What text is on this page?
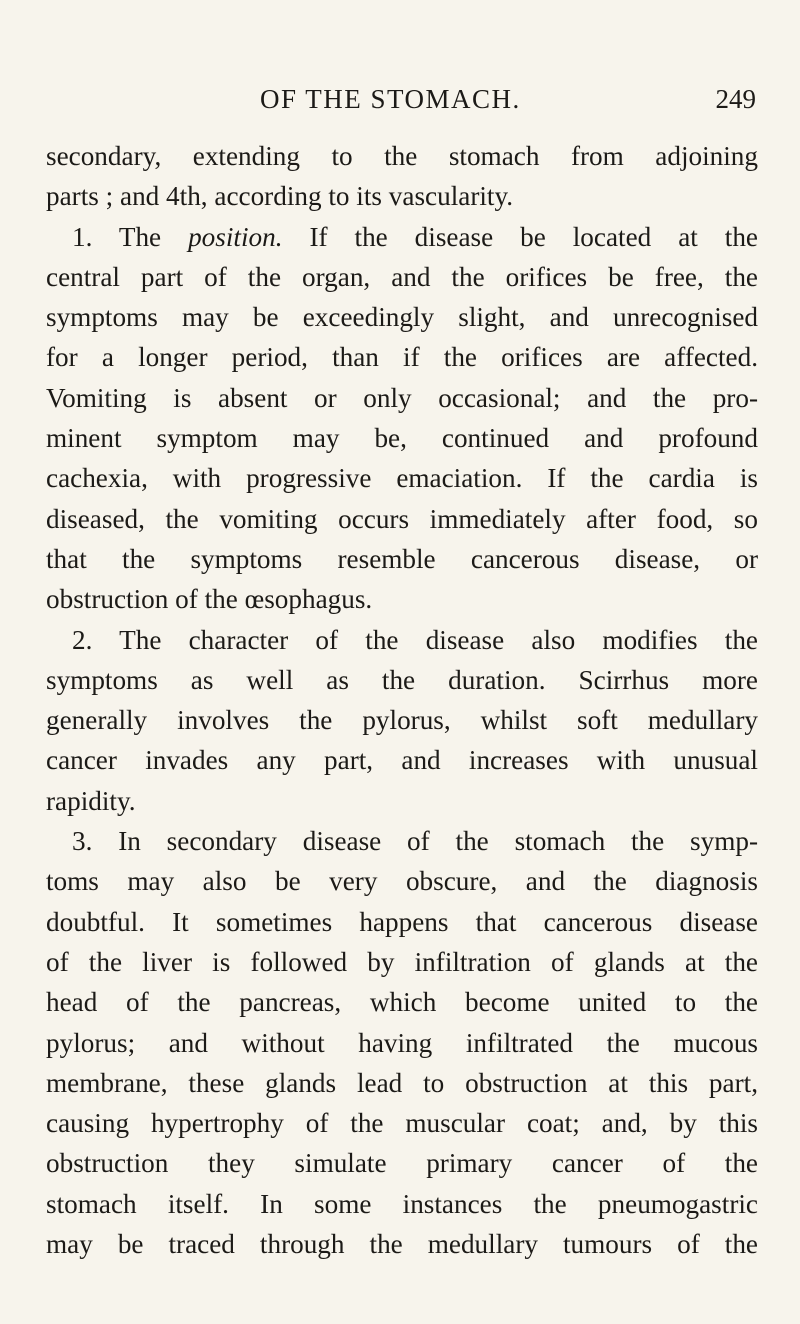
OF THE STOMACH.	249
secondary, extending to the stomach from adjoining
parts ; and 4th, according to its vascularity.
1. The position. If the disease be located at the
central part of the organ, and the orifices be free, the
symptoms may be exceedingly slight, and unrecognised
for a longer period, than if the orifices are affected.
Vomiting is absent or only occasional; and the pro-
minent symptom may be, continued and profound
cachexia, with progressive emaciation. If the cardia is
diseased, the vomiting occurs immediately after food, so
that the symptoms resemble cancerous disease, or
obstruction of the œsophagus.
2. The character of the disease also modifies the
symptoms as well as the duration. Scirrhus more
generally involves the pylorus, whilst soft medullary
cancer invades any part, and increases with unusual
rapidity.
3. In secondary disease of the stomach the symp-
toms may also be very obscure, and the diagnosis
doubtful. It sometimes happens that cancerous disease
of the liver is followed by infiltration of glands at the
head of the pancreas, which become united to the
pylorus; and without having infiltrated the mucous
membrane, these glands lead to obstruction at this part,
causing hypertrophy of the muscular coat; and, by this
obstruction they simulate primary cancer of the
stomach itself. In some instances the pneumogastric
may be traced through the medullary tumours of the
